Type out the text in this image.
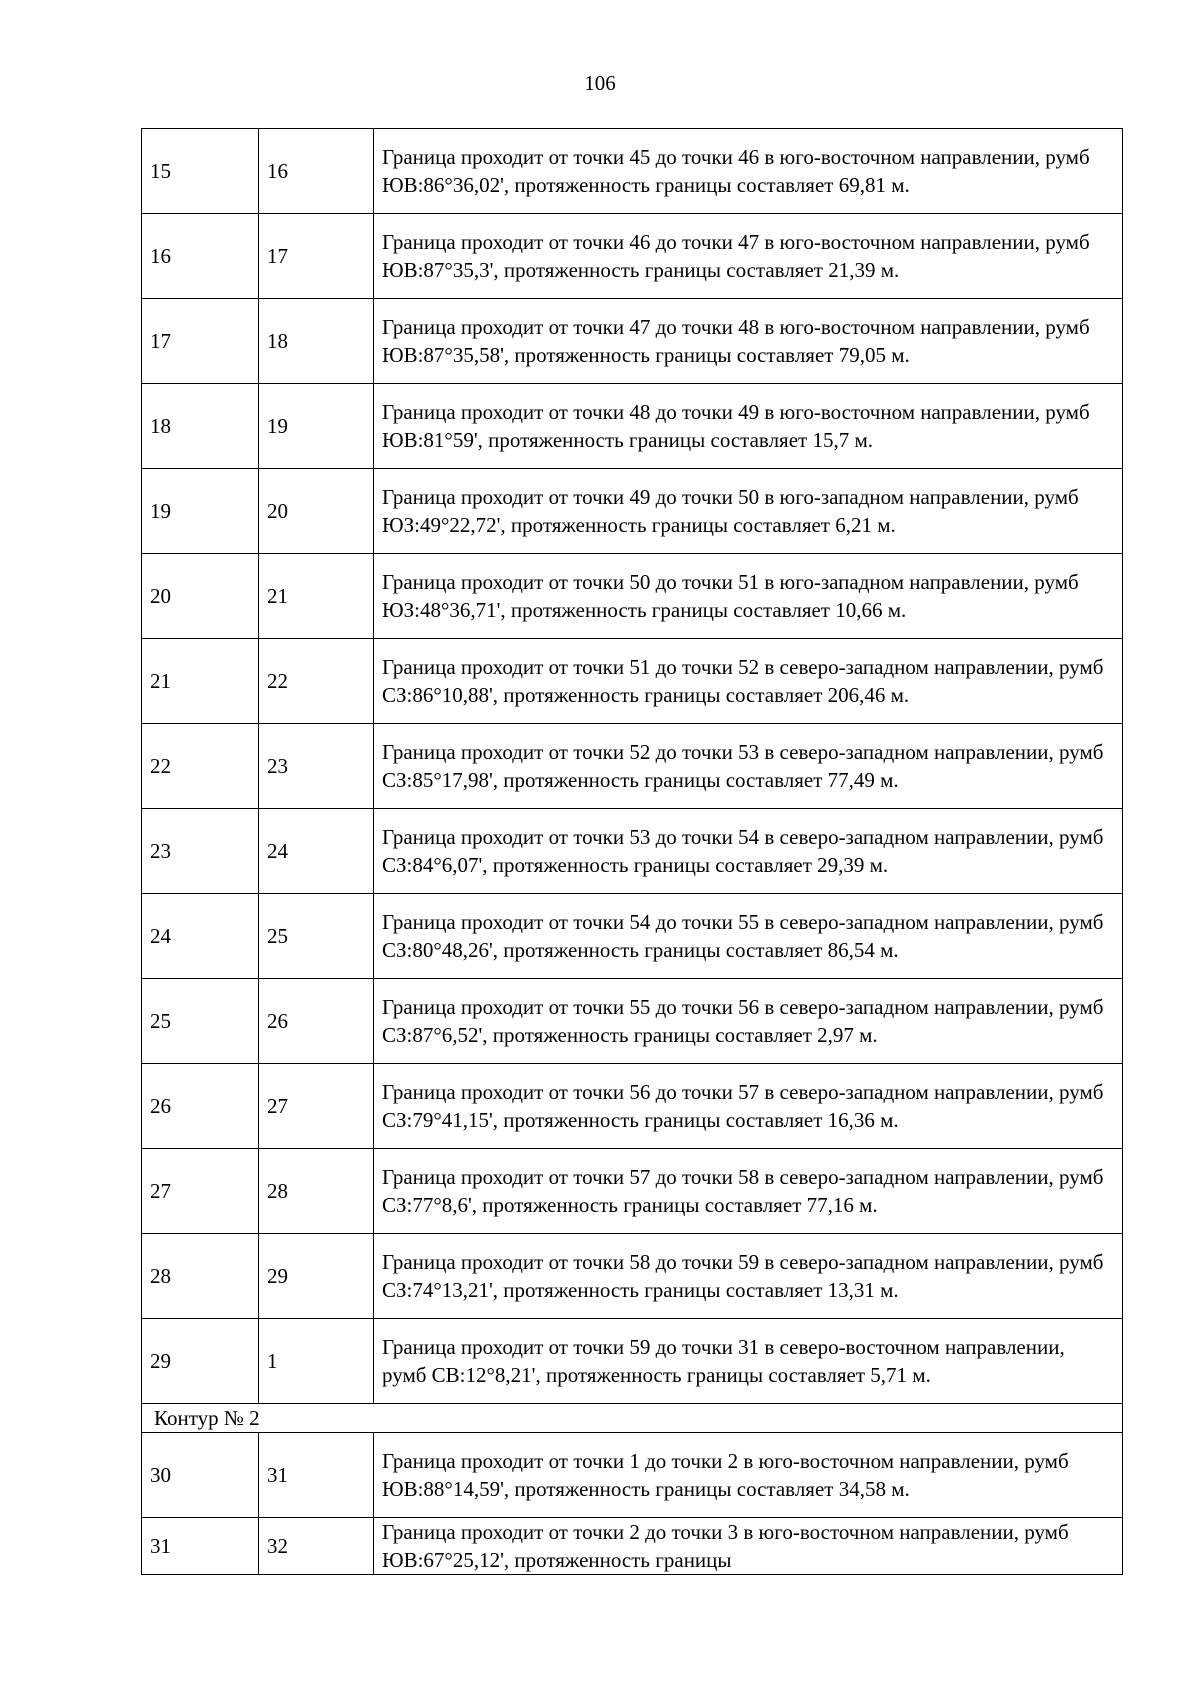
106
15	16	Граница проходит от точки 45 до точки 46 в юго-восточном направлении, румб ЮВ:86°36,02', протяженность границы составляет 69,81 м.
16	17	Граница проходит от точки 46 до точки 47 в юго-восточном направлении, румб ЮВ:87°35,3', протяженность границы составляет 21,39 м.
17	18	Граница проходит от точки 47 до точки 48 в юго-восточном направлении, румб ЮВ:87°35,58', протяженность границы составляет 79,05 м.
18	19	Граница проходит от точки 48 до точки 49 в юго-восточном направлении, румб ЮВ:81°59', протяженность границы составляет 15,7 м.
19	20	Граница проходит от точки 49 до точки 50 в юго-западном направлении, румб ЮЗ:49°22,72', протяженность границы составляет 6,21 м.
20	21	Граница проходит от точки 50 до точки 51 в юго-западном направлении, румб ЮЗ:48°36,71', протяженность границы составляет 10,66 м.
21	22	Граница проходит от точки 51 до точки 52 в северо-западном направлении, румб СЗ:86°10,88', протяженность границы составляет 206,46 м.
22	23	Граница проходит от точки 52 до точки 53 в северо-западном направлении, румб СЗ:85°17,98', протяженность границы составляет 77,49 м.
23	24	Граница проходит от точки 53 до точки 54 в северо-западном направлении, румб СЗ:84°6,07', протяженность границы составляет 29,39 м.
24	25	Граница проходит от точки 54 до точки 55 в северо-западном направлении, румб СЗ:80°48,26', протяженность границы составляет 86,54 м.
25	26	Граница проходит от точки 55 до точки 56 в северо-западном направлении, румб СЗ:87°6,52', протяженность границы составляет 2,97 м.
26	27	Граница проходит от точки 56 до точки 57 в северо-западном направлении, румб СЗ:79°41,15', протяженность границы составляет 16,36 м.
27	28	Граница проходит от точки 57 до точки 58 в северо-западном направлении, румб СЗ:77°8,6', протяженность границы составляет 77,16 м.
28	29	Граница проходит от точки 58 до точки 59 в северо-западном направлении, румб СЗ:74°13,21', протяженность границы составляет 13,31 м.
29	1	Граница проходит от точки 59 до точки 31 в северо-восточном направлении, румб СВ:12°8,21', протяженность границы составляет 5,71 м.
Контур № 2		
30	31	Граница проходит от точки 1 до точки 2 в юго-восточном направлении, румб ЮВ:88°14,59', протяженность границы составляет 34,58 м.
31	32	Граница проходит от точки 2 до точки 3 в юго-восточном направлении, румб ЮВ:67°25,12', протяженность границы
